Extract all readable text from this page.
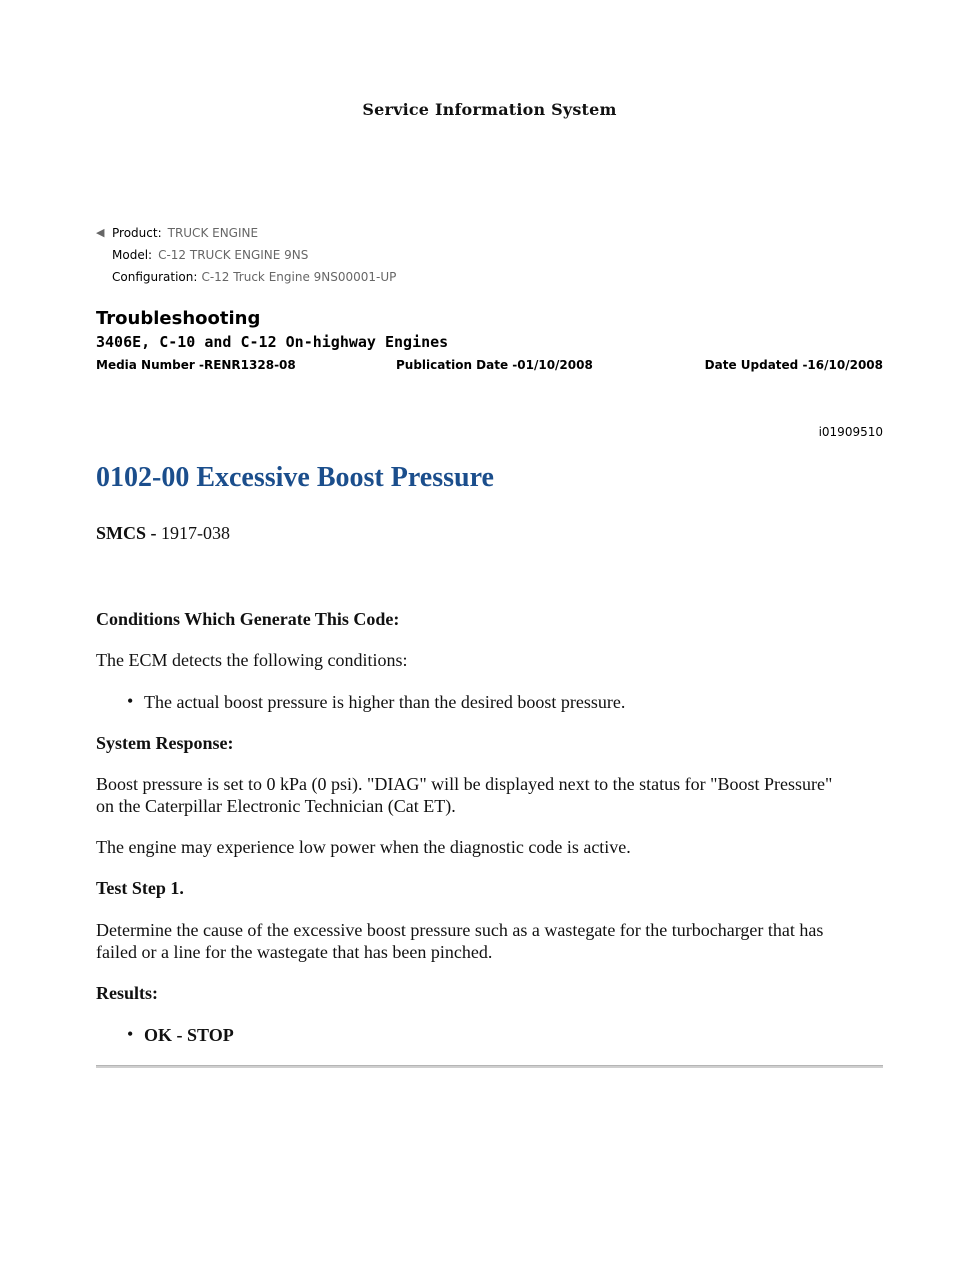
Service Information System
◀ Product: TRUCK ENGINE
Model: C-12 TRUCK ENGINE 9NS
Configuration: C-12 Truck Engine 9NS00001-UP
Troubleshooting
3406E, C-10 and C-12 On-highway Engines
Media Number -RENR1328-08	Publication Date -01/10/2008	Date Updated -16/10/2008
i01909510
0102-00 Excessive Boost Pressure
SMCS - 1917-038
Conditions Which Generate This Code:
The ECM detects the following conditions:
• The actual boost pressure is higher than the desired boost pressure.
System Response:
Boost pressure is set to 0 kPa (0 psi). "DIAG" will be displayed next to the status for "Boost Pressure"
on the Caterpillar Electronic Technician (Cat ET).
The engine may experience low power when the diagnostic code is active.
Test Step 1.
Determine the cause of the excessive boost pressure such as a wastegate for the turbocharger that has
failed or a line for the wastegate that has been pinched.
Results:
• OK - STOP
